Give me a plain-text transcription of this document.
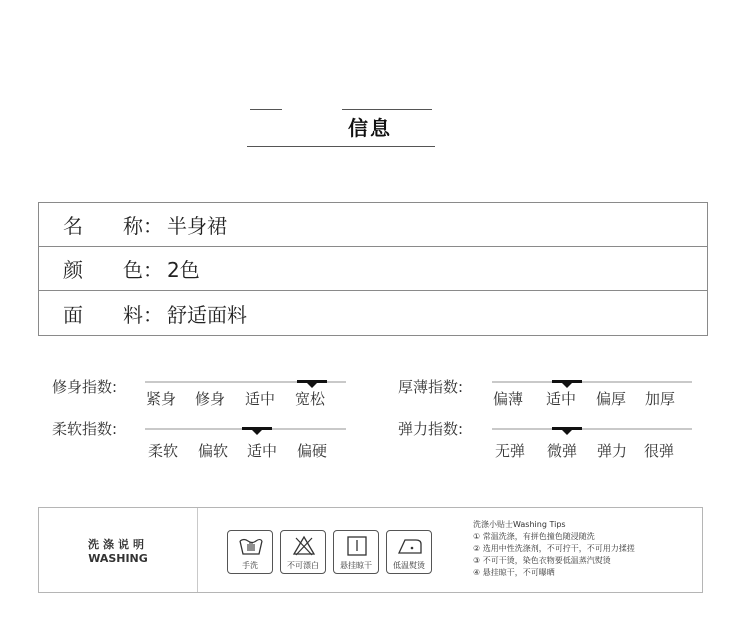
信息
名 称 ： 半身裙
颜 色 ： 2色
面 料 ： 舒适面料
修身指数:
紧身 修身 适中 宽松
柔软指数:
柔软 偏软 适中 偏硬
厚薄指数:
偏薄 适中 偏厚 加厚
弹力指数:
无弹 微弹 弹力 很弹
洗涤说明
WASHING
手洗	不可漂白	悬挂晾干	低温熨烫
洗涤小贴士Washing Tips
① 常温洗涤，有拼色撞色随浸随洗
② 选用中性洗涤剂，不可拧干，不可用力揉搓
③ 不可干烫，染色衣物要低温蒸汽熨烫
④ 悬挂晾干，不可曝晒
